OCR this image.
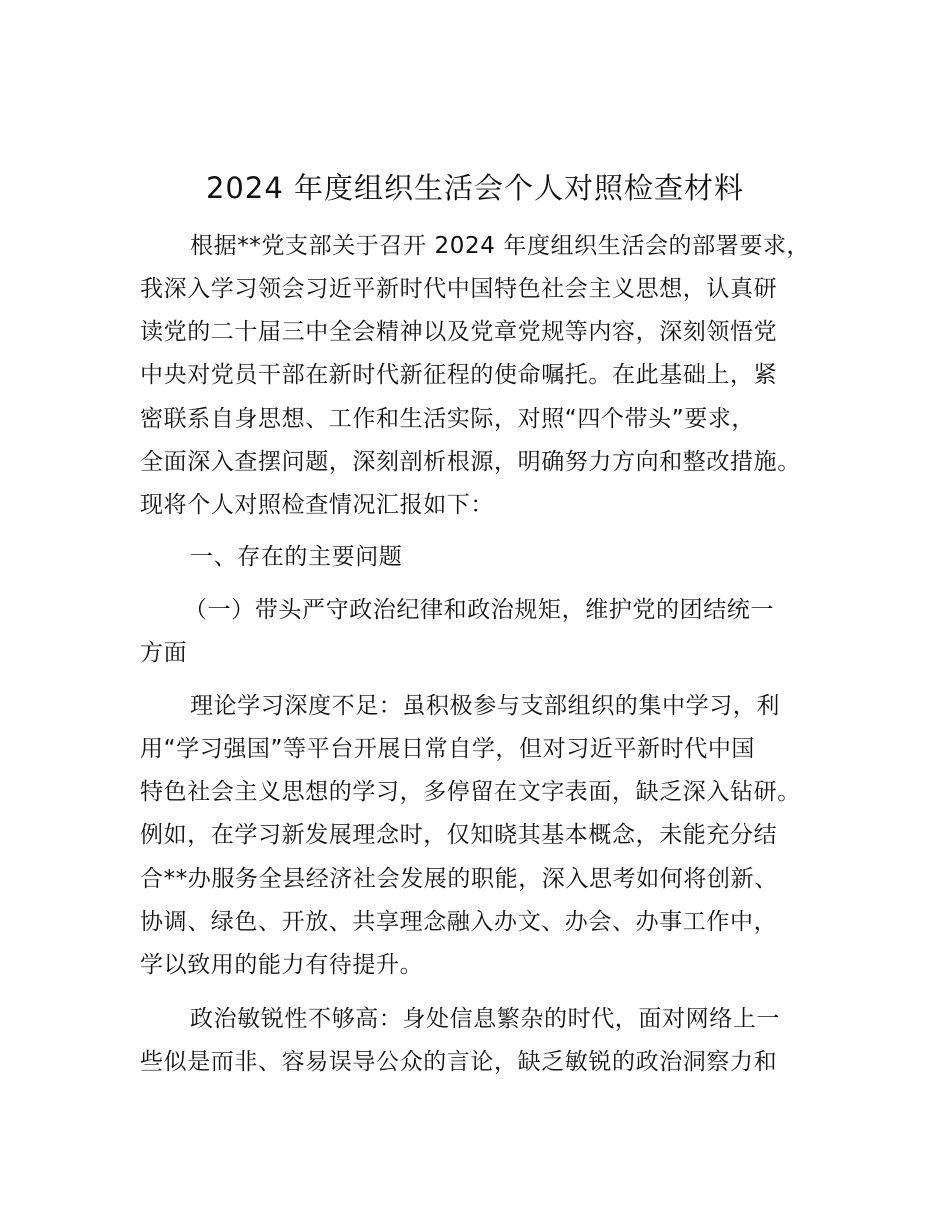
2024 年度组织生活会个人对照检查材料
根据**党支部关于召开 2024 年度组织生活会的部署要求，
我深入学习领会习近平新时代中国特色社会主义思想，认真研
读党的二十届三中全会精神以及党章党规等内容，深刻领悟党
中央对党员干部在新时代新征程的使命嘱托。在此基础上，紧
密联系自身思想、工作和生活实际，对照“四个带头”要求，
全面深入查摆问题，深刻剖析根源，明确努力方向和整改措施。
现将个人对照检查情况汇报如下：
一、存在的主要问题
（一）带头严守政治纪律和政治规矩，维护党的团结统一
方面
理论学习深度不足：虽积极参与支部组织的集中学习，利
用“学习强国”等平台开展日常自学，但对习近平新时代中国
特色社会主义思想的学习，多停留在文字表面，缺乏深入钻研。
例如，在学习新发展理念时，仅知晓其基本概念，未能充分结
合**办服务全县经济社会发展的职能，深入思考如何将创新、
协调、绿色、开放、共享理念融入办文、办会、办事工作中，
学以致用的能力有待提升。
政治敏锐性不够高：身处信息繁杂的时代，面对网络上一
些似是而非、容易误导公众的言论，缺乏敏锐的政治洞察力和
